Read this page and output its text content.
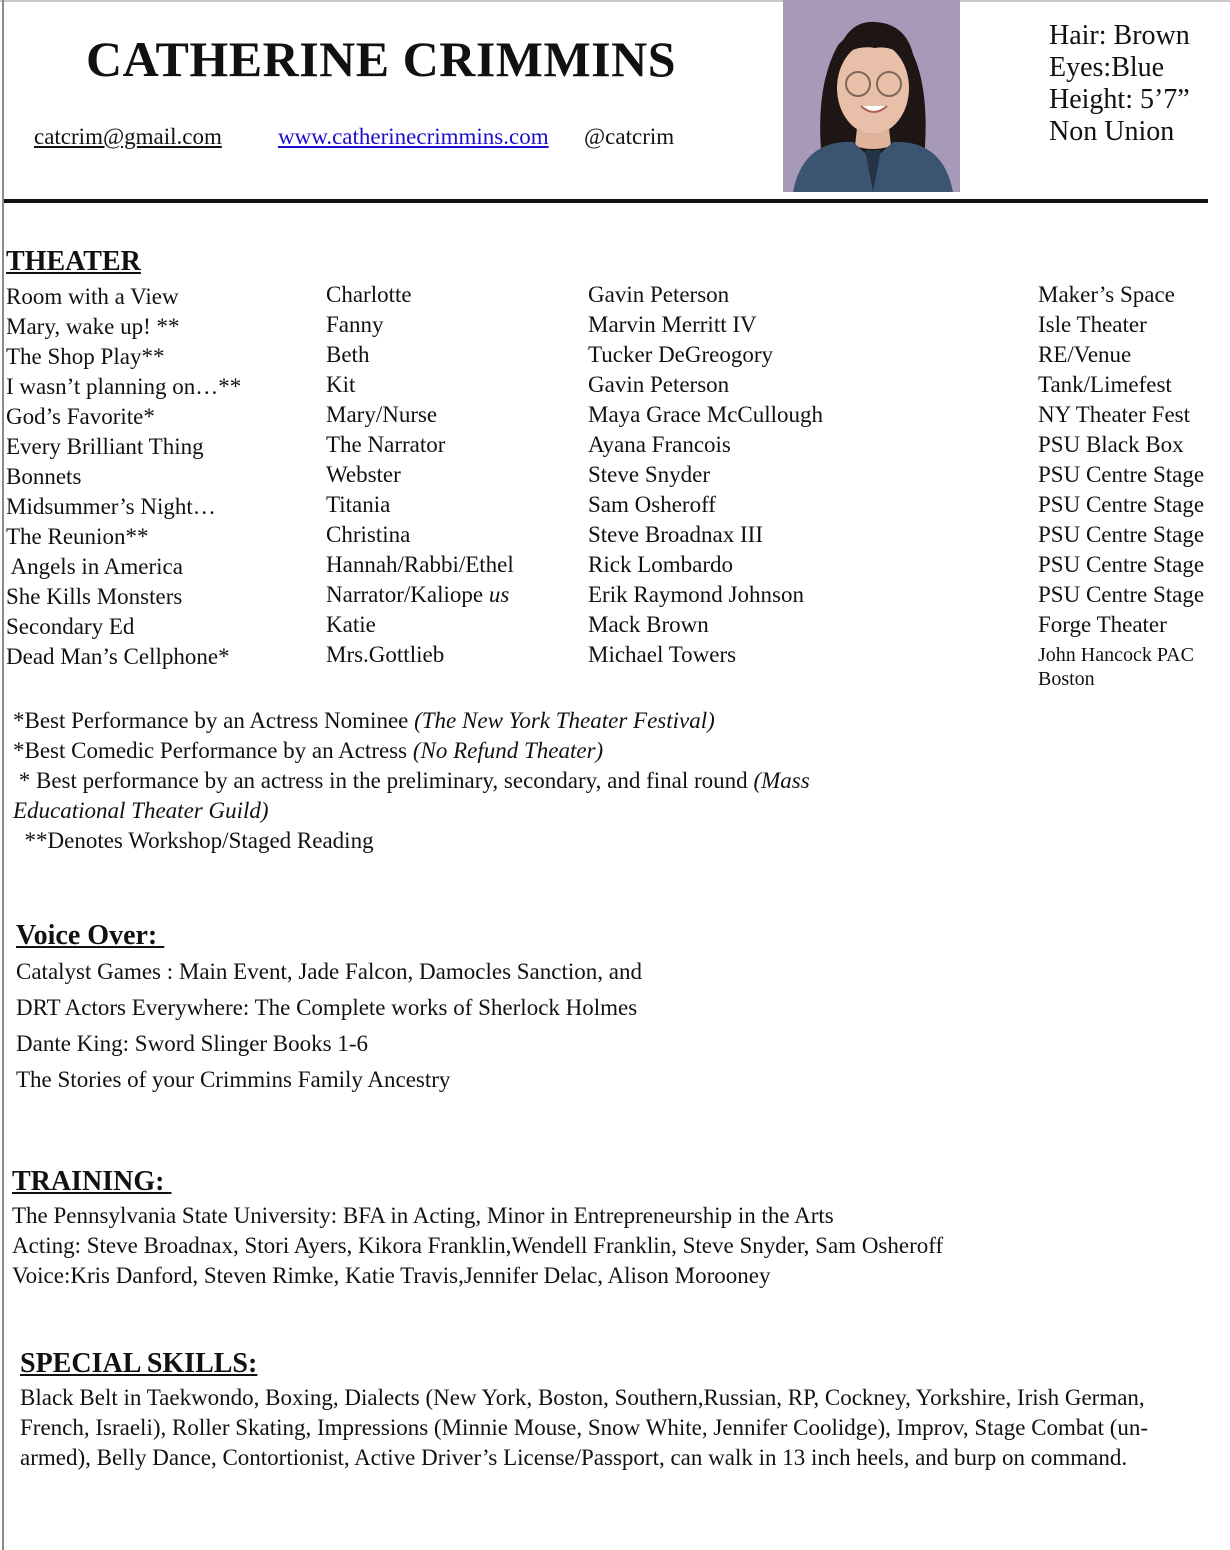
CATHERINE CRIMMINS
catcrim@gmail.com www.catherinecrimmins.com @catcrim
Hair: Brown
Eyes:Blue
Height: 5’7”
Non Union
THEATER
Room with a View
Mary, wake up! **
The Shop Play**
I wasn’t planning on…**
God’s Favorite*
Every Brilliant Thing
Bonnets
Midsummer’s Night…
The Reunion**
Angels in America
She Kills Monsters
Secondary Ed
Dead Man’s Cellphone*
Charlotte
Fanny
Beth
Kit
Mary/Nurse
The Narrator
Webster
Titania
Christina
Hannah/Rabbi/Ethel
Narrator/Kaliope us
Katie
Mrs.Gottlieb
Gavin Peterson
Marvin Merritt IV
Tucker DeGreogory
Gavin Peterson
Maya Grace McCullough
Ayana Francois
Steve Snyder
Sam Osheroff
Steve Broadnax III
Rick Lombardo
Erik Raymond Johnson
Mack Brown
Michael Towers
Maker’s Space
Isle Theater
RE/Venue
Tank/Limefest
NY Theater Fest
PSU Black Box
PSU Centre Stage
PSU Centre Stage
PSU Centre Stage
PSU Centre Stage
PSU Centre Stage
Forge Theater
John Hancock PAC
Boston
*Best Performance by an Actress Nominee (The New York Theater Festival)
*Best Comedic Performance by an Actress (No Refund Theater)
* Best performance by an actress in the preliminary, secondary, and final round (Mass Educational Theater Guild)
**Denotes Workshop/Staged Reading
Voice Over:
Catalyst Games : Main Event, Jade Falcon, Damocles Sanction, and
DRT Actors Everywhere: The Complete works of Sherlock Holmes
Dante King: Sword Slinger Books 1-6
The Stories of your Crimmins Family Ancestry
TRAINING:
The Pennsylvania State University: BFA in Acting, Minor in Entrepreneurship in the Arts
Acting: Steve Broadnax, Stori Ayers, Kikora Franklin,Wendell Franklin, Steve Snyder, Sam Osheroff
Voice:Kris Danford, Steven Rimke, Katie Travis,Jennifer Delac, Alison Morooney
SPECIAL SKILLS:
Black Belt in Taekwondo, Boxing, Dialects (New York, Boston, Southern,Russian, RP, Cockney, Yorkshire, Irish German, French, Israeli), Roller Skating, Impressions (Minnie Mouse, Snow White, Jennifer Coolidge), Improv, Stage Combat (un-armed), Belly Dance, Contortionist, Active Driver’s License/Passport, can walk in 13 inch heels, and burp on command.
